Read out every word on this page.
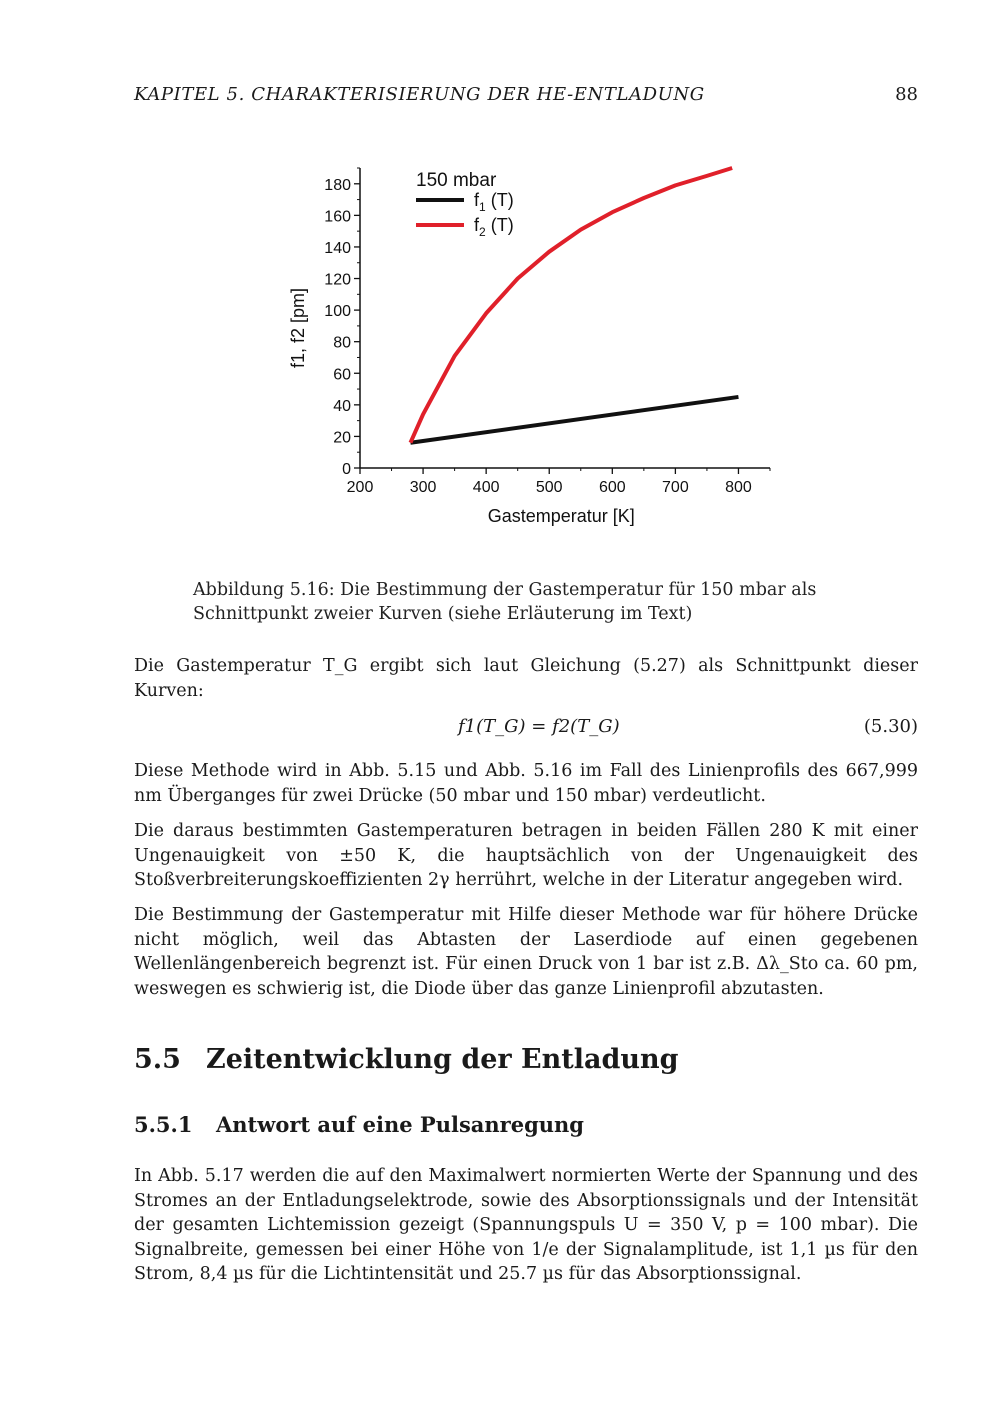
KAPITEL 5. CHARAKTERISIERUNG DER HE-ENTLADUNG	88
200 300 400 500 600 700 800
0
20
40
60
80
100
120
140
160
180
Gastemperatur [K]
f1, f2 [pm]
150 mbar
$f_1$ (T)
$f_2$ (T)
Abbildung 5.16: Die Bestimmung der Gastemperatur für 150 mbar als Schnittpunkt zweier Kurven (siehe Erläuterung im Text)
Die Gastemperatur T_G ergibt sich laut Gleichung (5.27) als Schnittpunkt dieser Kurven:
f1(T_G) = f2(T_G)	(5.30)
Diese Methode wird in Abb. 5.15 und Abb. 5.16 im Fall des Linienprofils des 667,999 nm Überganges für zwei Drücke (50 mbar und 150 mbar) verdeutlicht.
Die daraus bestimmten Gastemperaturen betragen in beiden Fällen 280 K mit einer Ungenauigkeit von ±50 K, die hauptsächlich von der Ungenauigkeit des Stoßverbreiterungskoeffizienten 2γ herrührt, welche in der Literatur angegeben wird.
Die Bestimmung der Gastemperatur mit Hilfe dieser Methode war für höhere Drücke nicht möglich, weil das Abtasten der Laserdiode auf einen gegebenen Wellenlängenbereich begrenzt ist. Für einen Druck von 1 bar ist z.B. Δλ_Sto ca. 60 pm, weswegen es schwierig ist, die Diode über das ganze Linienprofil abzutasten.
5.5 Zeitentwicklung der Entladung
5.5.1 Antwort auf eine Pulsanregung
In Abb. 5.17 werden die auf den Maximalwert normierten Werte der Spannung und des Stromes an der Entladungselektrode, sowie des Absorptionssignals und der Intensität der gesamten Lichtemission gezeigt (Spannungspuls U = 350 V, p = 100 mbar). Die Signalbreite, gemessen bei einer Höhe von 1/e der Signalamplitude, ist 1,1 µs für den Strom, 8,4 µs für die Lichtintensität und 25.7 µs für das Absorptionssignal.
